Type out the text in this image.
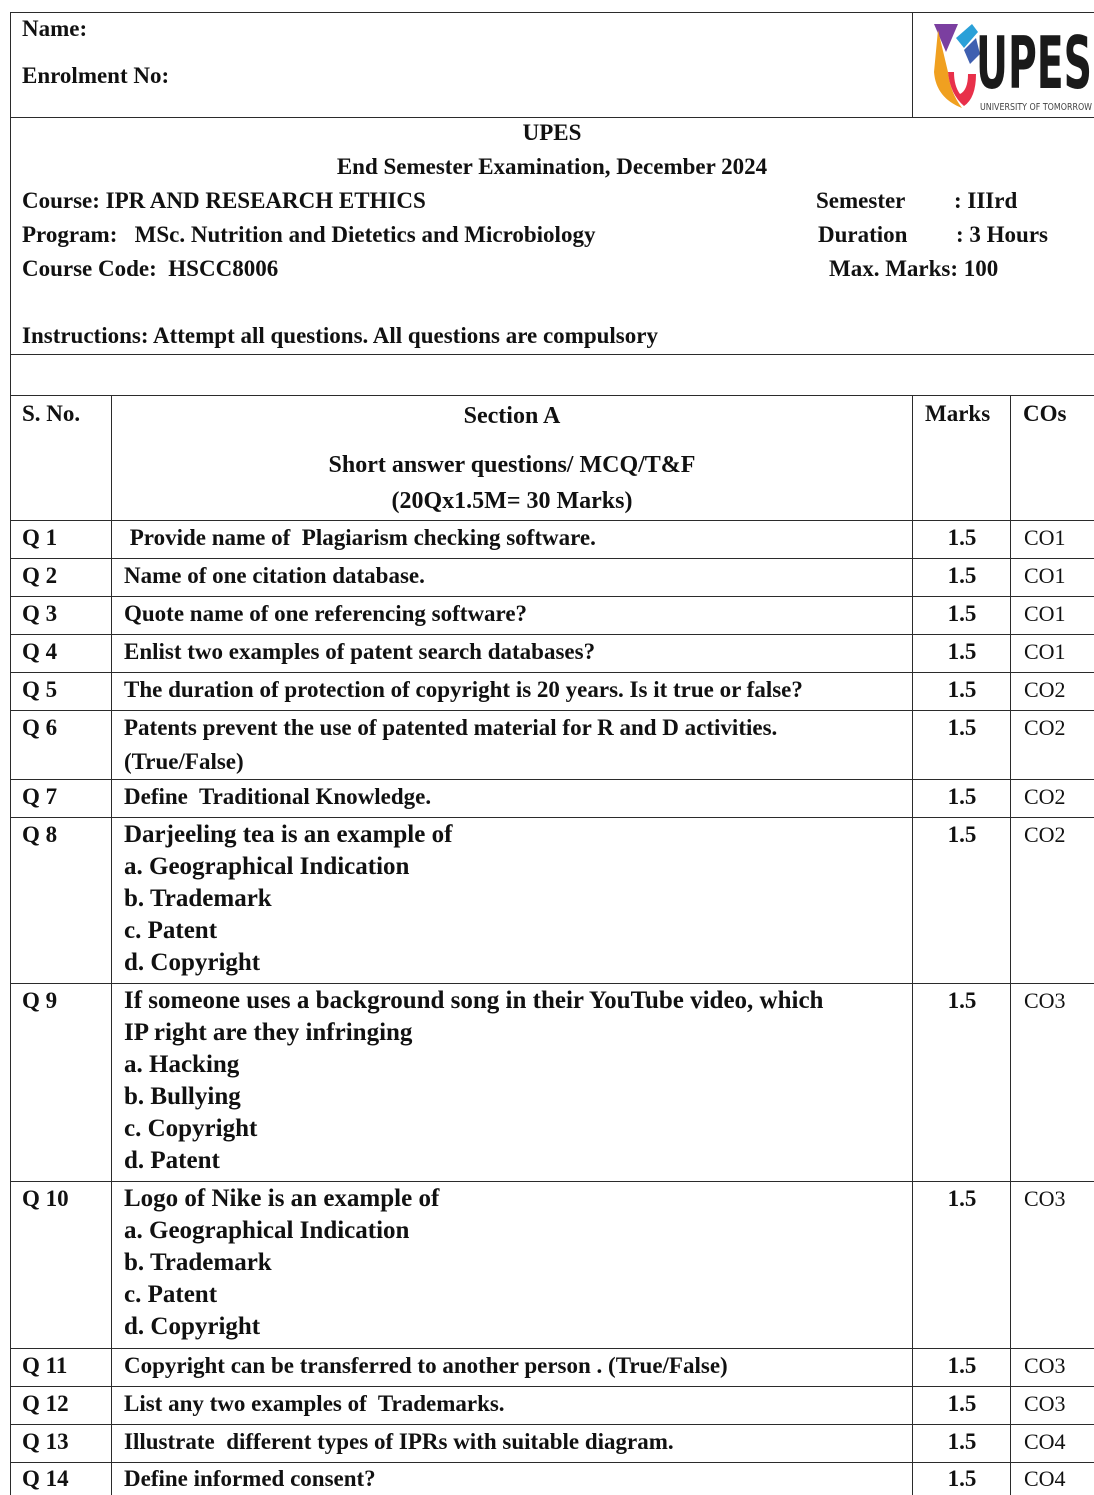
Name:
Enrolment No:	UPES
UNIVERSITY OF TOMORROW
UPES
End Semester Examination, December 2024
Course: IPR AND RESEARCH ETHICS
Program:   MSc. Nutrition and Dietetics and Microbiology
Course Code:  HSCC8006
Semester : IIIrd
Duration : 3 Hours
Max. Marks: 100
Instructions: Attempt all questions. All questions are compulsory
S. No.	Section A
Short answer questions/ MCQ/T&F
(20Qx1.5M= 30 Marks)
Marks COs
Q 1	Provide name of  Plagiarism checking software.	1.5	CO1
Q 2	Name of one citation database.	1.5	CO1
Q 3	Quote name of one referencing software?	1.5	CO1
Q 4	Enlist two examples of patent search databases?	1.5	CO1
Q 5	The duration of protection of copyright is 20 years. Is it true or false?	1.5	CO2
Q 6	Patents prevent the use of patented material for R and D activities.
(True/False)
1.5	CO2
Q 7	Define  Traditional Knowledge.	1.5	CO2
Q 8	Darjeeling tea is an example of
a. Geographical Indication
b. Trademark
c. Patent
d. Copyright
1.5	CO2
Q 9	If someone uses a background song in their YouTube video, which
IP right are they infringing
a. Hacking
b. Bullying
c. Copyright
d. Patent
1.5	CO3
Q 10 Logo of Nike is an example of
a. Geographical Indication
b. Trademark
c. Patent
d. Copyright
1.5	CO3
Q 11 Copyright can be transferred to another person . (True/False)	1.5	CO3
Q 12 List any two examples of  Trademarks.	1.5	CO3
Q 13 Illustrate  different types of IPRs with suitable diagram.	1.5	CO4
Q 14 Define informed consent?	1.5	CO4
